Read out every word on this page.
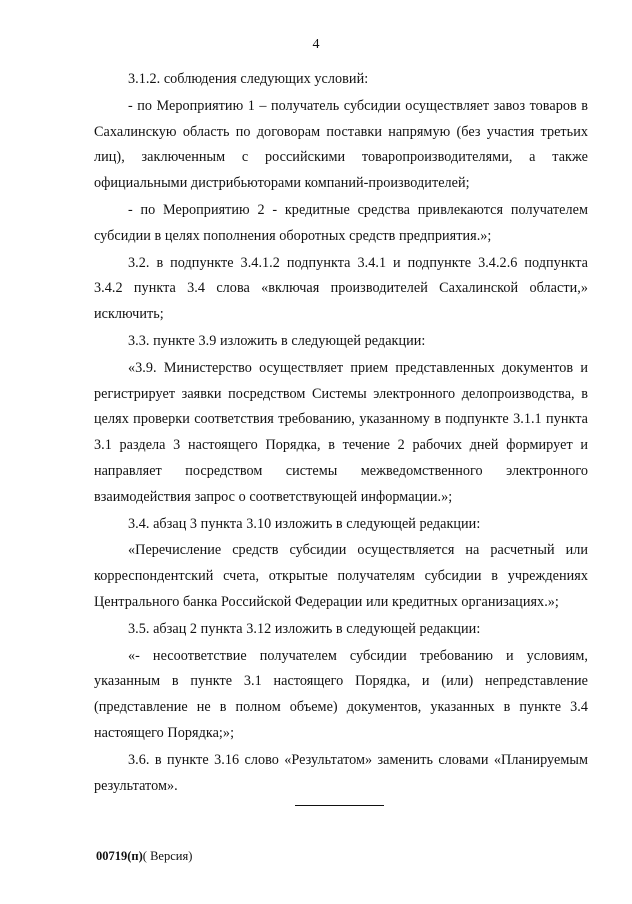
4

3.1.2. соблюдения следующих условий:

- по Мероприятию 1 – получатель субсидии осуществляет завоз товаров в Сахалинскую область по договорам поставки напрямую (без участия третьих лиц), заключенным с российскими товаропроизводителями, а также официальными дистрибьюторами компаний-производителей;

- по Мероприятию 2 - кредитные средства привлекаются получателем субсидии в целях пополнения оборотных средств предприятия.»;

3.2. в подпункте 3.4.1.2 подпункта 3.4.1 и подпункте 3.4.2.6 подпункта 3.4.2 пункта 3.4 слова «включая производителей Сахалинской области,» исключить;

3.3. пункте 3.9 изложить в следующей редакции:

«3.9. Министерство осуществляет прием представленных документов и регистрирует заявки посредством Системы электронного делопроизводства, в целях проверки соответствия требованию, указанному в подпункте 3.1.1 пункта 3.1 раздела 3 настоящего Порядка, в течение 2 рабочих дней формирует и направляет посредством системы межведомственного электронного взаимодействия запрос о соответствующей информации.»;

3.4. абзац 3 пункта 3.10 изложить в следующей редакции:

«Перечисление средств субсидии осуществляется на расчетный или корреспондентский счета, открытые получателям субсидии в учреждениях Центрального банка Российской Федерации или кредитных организациях.»;

3.5. абзац 2 пункта 3.12 изложить в следующей редакции:

«- несоответствие получателем субсидии требованию и условиям, указанным в пункте 3.1 настоящего Порядка, и (или) непредставление (представление не в полном объеме) документов, указанных в пункте 3.4 настоящего Порядка;»;

3.6. в пункте 3.16 слово «Результатом» заменить словами «Планируемым результатом».

00719(п)( Версия)
